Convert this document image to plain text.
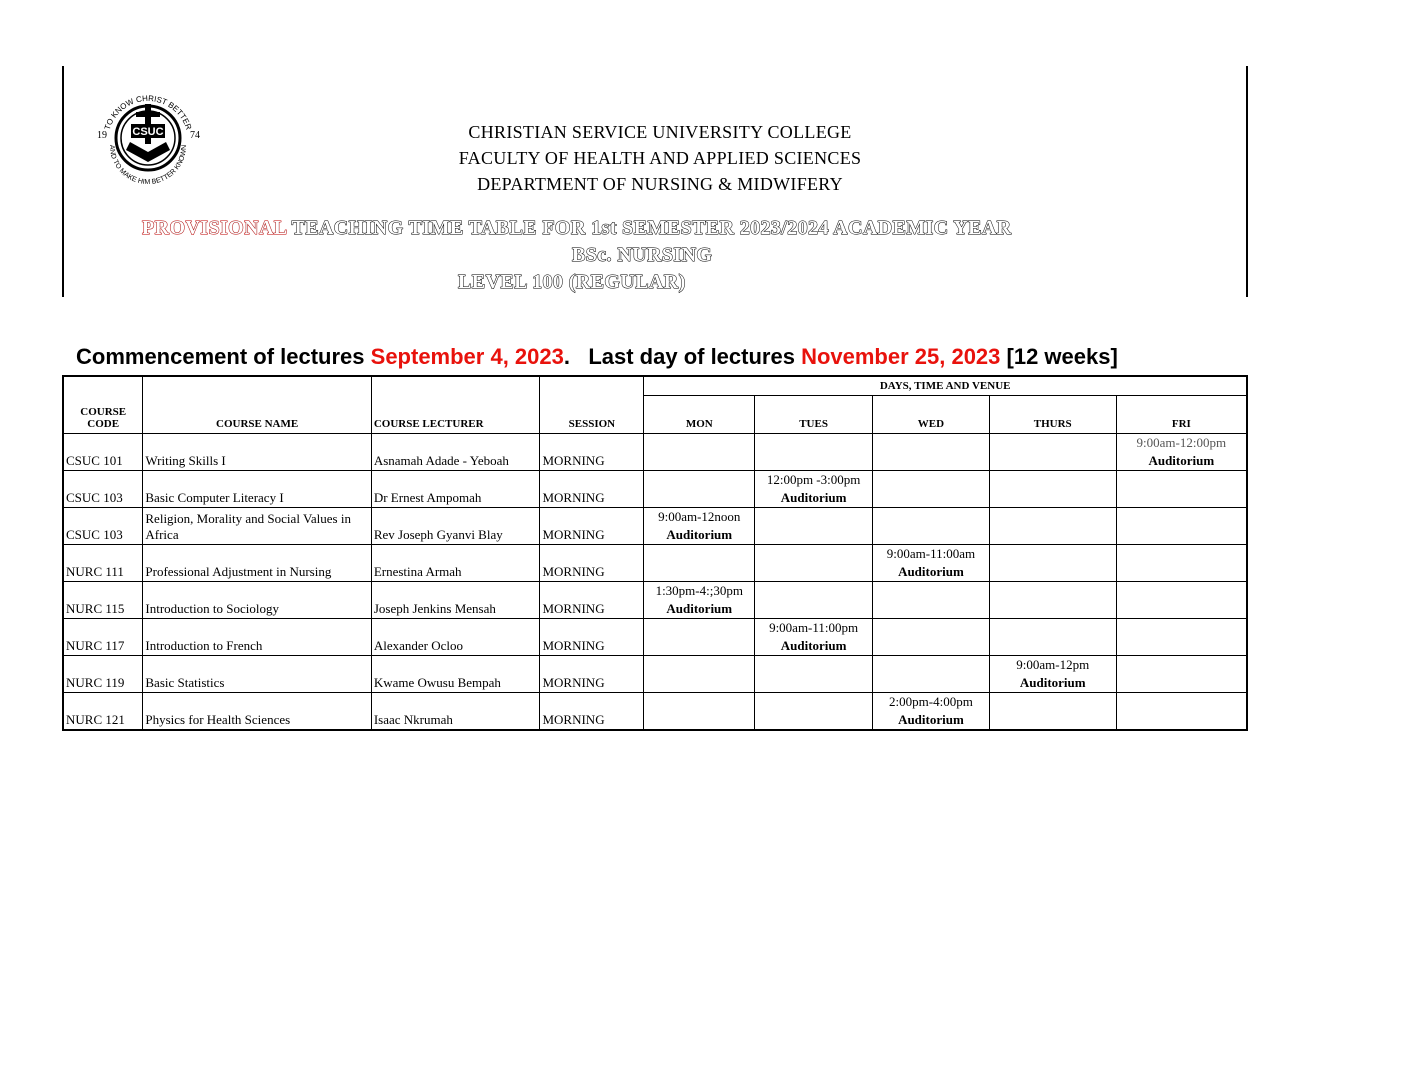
TO KNOW CHRIST BETTER
AND TO MAKE HIM BETTER KNOWN
CSUC
19	74	CHRISTIAN SERVICE UNIVERSITY COLLEGE
FACULTY OF HEALTH AND APPLIED SCIENCES
DEPARTMENT OF NURSING & MIDWIFERY
PROVISIONAL TEACHING TIME TABLE FOR 1st SEMESTER 2023/2024 ACADEMIC YEAR
BSc. NURSING
LEVEL 100 (REGULAR)
Commencement of lectures September 4, 2023.   Last day of lectures November 25, 2023 [12 weeks]
COURSE CODE	COURSE NAME	COURSE LECTURER	SESSION	DAYS, TIME AND VENUE				
				MON	TUES	WED	THURS	FRI
CSUC 101	Writing Skills I	Asnamah Adade - Yeboah	MORNING					9:00am-12:00pm
Auditorium

CSUC 103	Basic Computer Literacy I	Dr Ernest Ampomah	MORNING		12:00pm -3:00pm
Auditorium			

CSUC 103	Religion, Morality and Social Values in Africa	Rev Joseph Gyanvi Blay	MORNING	9:00am-12noon
Auditorium				

NURC 111	Professional Adjustment in Nursing	Ernestina Armah	MORNING			9:00am-11:00am
Auditorium		

NURC 115	Introduction to Sociology	Joseph Jenkins Mensah	MORNING	1:30pm-4:;30pm
Auditorium				

NURC 117	Introduction to French	Alexander Ocloo	MORNING		9:00am-11:00pm
Auditorium			

NURC 119	Basic Statistics	Kwame Owusu Bempah	MORNING				9:00am-12pm
Auditorium	

NURC 121	Physics for Health Sciences	Isaac Nkrumah	MORNING			2:00pm-4:00pm
Auditorium		
